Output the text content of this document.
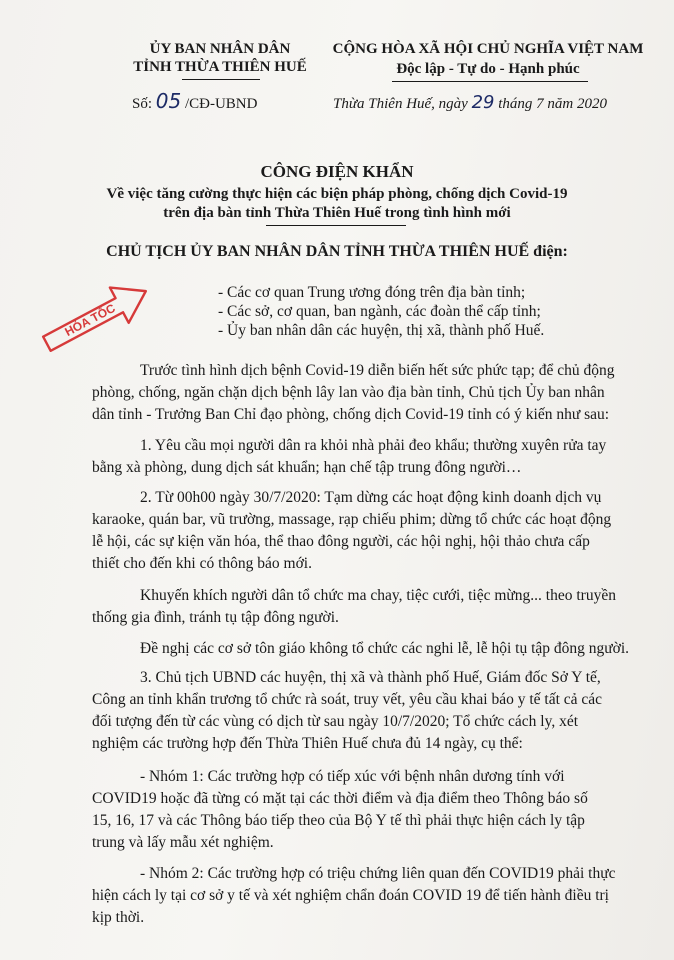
ỦY BAN NHÂN DÂN
TỈNH THỪA THIÊN HUẾ
CỘNG HÒA XÃ HỘI CHỦ NGHĨA VIỆT NAM
Độc lập - Tự do - Hạnh phúc
Số: 05 /CĐ-UBND	Thừa Thiên Huế, ngày 29 tháng 7 năm 2020
CÔNG ĐIỆN KHẨN
Về việc tăng cường thực hiện các biện pháp phòng, chống dịch Covid-19
trên địa bàn tỉnh Thừa Thiên Huế trong tình hình mới
CHỦ TỊCH ỦY BAN NHÂN DÂN TỈNH THỪA THIÊN HUẾ điện:
- Các cơ quan Trung ương đóng trên địa bàn tỉnh;
- Các sở, cơ quan, ban ngành, các đoàn thể cấp tỉnh;
- Ủy ban nhân dân các huyện, thị xã, thành phố Huế.
HỎA TỐC
Trước tình hình dịch bệnh Covid-19 diễn biến hết sức phức tạp; để chủ động
phòng, chống, ngăn chặn dịch bệnh lây lan vào địa bàn tỉnh, Chủ tịch Ủy ban nhân
dân tỉnh - Trưởng Ban Chỉ đạo phòng, chống dịch Covid-19 tỉnh có ý kiến như sau:
1. Yêu cầu mọi người dân ra khỏi nhà phải đeo khẩu; thường xuyên rửa tay
bằng xà phòng, dung dịch sát khuẩn; hạn chế tập trung đông người…
2. Từ 00h00 ngày 30/7/2020: Tạm dừng các hoạt động kinh doanh dịch vụ
karaoke, quán bar, vũ trường, massage, rạp chiếu phim; dừng tổ chức các hoạt động
lễ hội, các sự kiện văn hóa, thể thao đông người, các hội nghị, hội thảo chưa cấp
thiết cho đến khi có thông báo mới.
Khuyến khích người dân tổ chức ma chay, tiệc cưới, tiệc mừng... theo truyền
thống gia đình, tránh tụ tập đông người.
Đề nghị các cơ sở tôn giáo không tổ chức các nghi lễ, lễ hội tụ tập đông người.
3. Chủ tịch UBND các huyện, thị xã và thành phố Huế, Giám đốc Sở Y tế,
Công an tỉnh khẩn trương tổ chức rà soát, truy vết, yêu cầu khai báo y tế tất cả các
đối tượng đến từ các vùng có dịch từ sau ngày 10/7/2020; Tổ chức cách ly, xét
nghiệm các trường hợp đến Thừa Thiên Huế chưa đủ 14 ngày, cụ thể:
- Nhóm 1: Các trường hợp có tiếp xúc với bệnh nhân dương tính với
COVID19 hoặc đã từng có mặt tại các thời điểm và địa điểm theo Thông báo số
15, 16, 17 và các Thông báo tiếp theo của Bộ Y tế thì phải thực hiện cách ly tập
trung và lấy mẫu xét nghiệm.
- Nhóm 2: Các trường hợp có triệu chứng liên quan đến COVID19 phải thực
hiện cách ly tại cơ sở y tế và xét nghiệm chẩn đoán COVID 19 để tiến hành điều trị
kịp thời.
